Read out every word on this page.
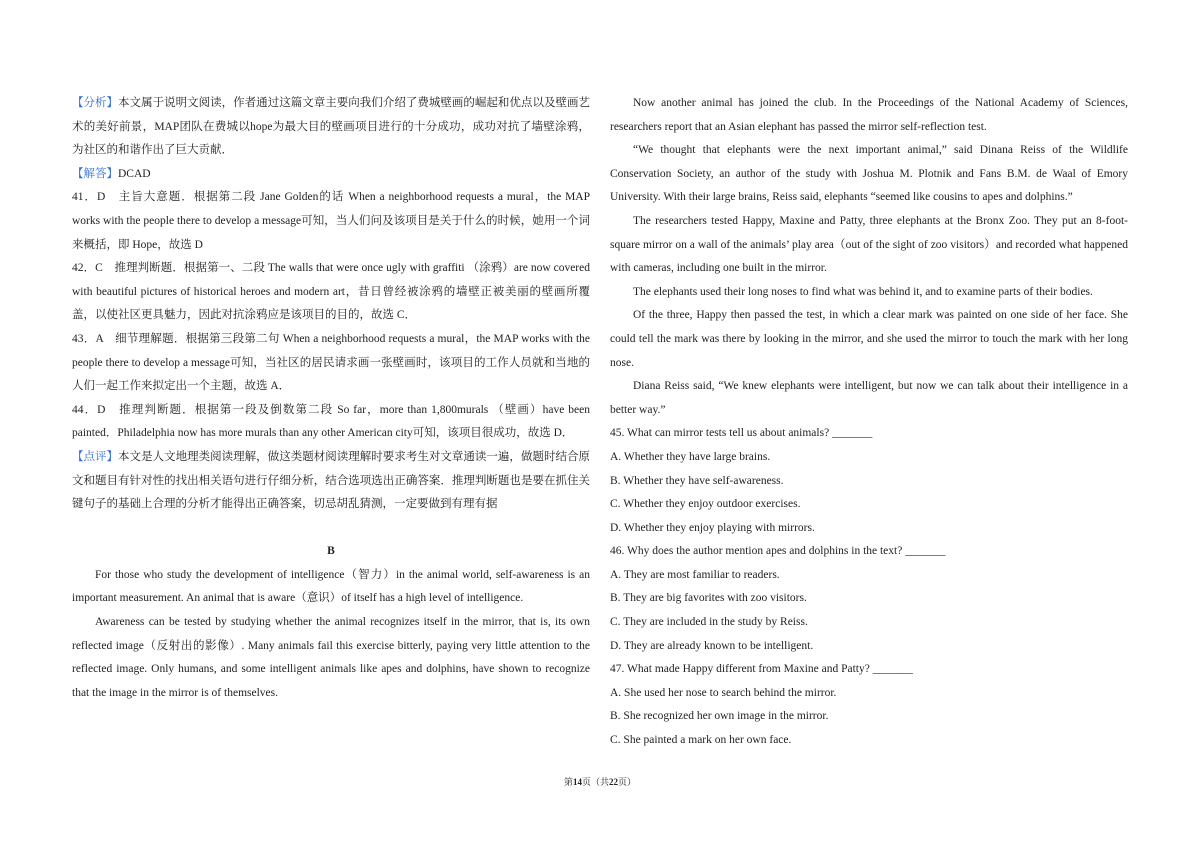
【分析】本文属于说明文阅读，作者通过这篇文章主要向我们介绍了费城壁画的崛起和优点以及壁画艺术的美好前景，MAP团队在费城以hope为最大目的壁画项目进行的十分成功，成功对抗了墙壁涂鸦，为社区的和谐作出了巨大贡献．

【解答】DCAD

41．D　主旨大意题．根据第二段 Jane Golden的话 When a neighborhood requests a mural，the MAP works with the people there to develop a message可知，当人们问及该项目是关于什么的时候，她用一个词来概括，即 Hope，故选 D

42．C　推理判断题．根据第一、二段 The walls that were once ugly with graffiti （涂鸦）are now covered with beautiful pictures of historical heroes and modern art，昔日曾经被涂鸦的墙壁正被美丽的壁画所覆盖，以使社区更具魅力，因此对抗涂鸦应是该项目的目的，故选 C．

43．A　细节理解题．根据第三段第二句 When a neighborhood requests a mural，the MAP works with the people there to develop a message可知，当社区的居民请求画一张壁画时，该项目的工作人员就和当地的人们一起工作来拟定出一个主题，故选 A．

44．D　推理判断题．根据第一段及倒数第二段 So far，more than 1,800murals （壁画）have been painted．Philadelphia now has more murals than any other American city可知，该项目很成功，故选 D．

【点评】本文是人文地理类阅读理解，做这类题材阅读理解时要求考生对文章通读一遍，做题时结合原文和题目有针对性的找出相关语句进行仔细分析，结合选项选出正确答案．推理判断题也是要在抓住关键句子的基础上合理的分析才能得出正确答案，切忌胡乱猜测，一定要做到有理有据

B

For those who study the development of intelligence（智力）in the animal world, self-awareness is an important measurement. An animal that is aware（意识）of itself has a high level of intelligence.

Awareness can be tested by studying whether the animal recognizes itself in the mirror, that is, its own reflected image（反射出的影像）. Many animals fail this exercise bitterly, paying very little attention to the reflected image. Only humans, and some intelligent animals like apes and dolphins, have shown to recognize that the image in the mirror is of themselves.

Now another animal has joined the club. In the Proceedings of the National Academy of Sciences, researchers report that an Asian elephant has passed the mirror self-reflection test.

“We thought that elephants were the next important animal,” said Dinana Reiss of the Wildlife Conservation Society, an author of the study with Joshua M. Plotnik and Fans B.M. de Waal of Emory University. With their large brains, Reiss said, elephants “seemed like cousins to apes and dolphins.”

The researchers tested Happy, Maxine and Patty, three elephants at the Bronx Zoo. They put an 8-foot-square mirror on a wall of the animals’ play area（out of the sight of zoo visitors）and recorded what happened with cameras, including one built in the mirror.

The elephants used their long noses to find what was behind it, and to examine parts of their bodies.

Of the three, Happy then passed the test, in which a clear mark was painted on one side of her face. She could tell the mark was there by looking in the mirror, and she used the mirror to touch the mark with her long nose.

Diana Reiss said, “We knew elephants were intelligent, but now we can talk about their intelligence in a better way.”

45. What can mirror tests tell us about animals? _______

A. Whether they have large brains.

B. Whether they have self-awareness.

C. Whether they enjoy outdoor exercises.

D. Whether they enjoy playing with mirrors.

46. Why does the author mention apes and dolphins in the text? _______

A. They are most familiar to readers.

B. They are big favorites with zoo visitors.

C. They are included in the study by Reiss.

D. They are already known to be intelligent.

47. What made Happy different from Maxine and Patty? _______

A. She used her nose to search behind the mirror.

B. She recognized her own image in the mirror.

C. She painted a mark on her own face.

第14页（共22页）
